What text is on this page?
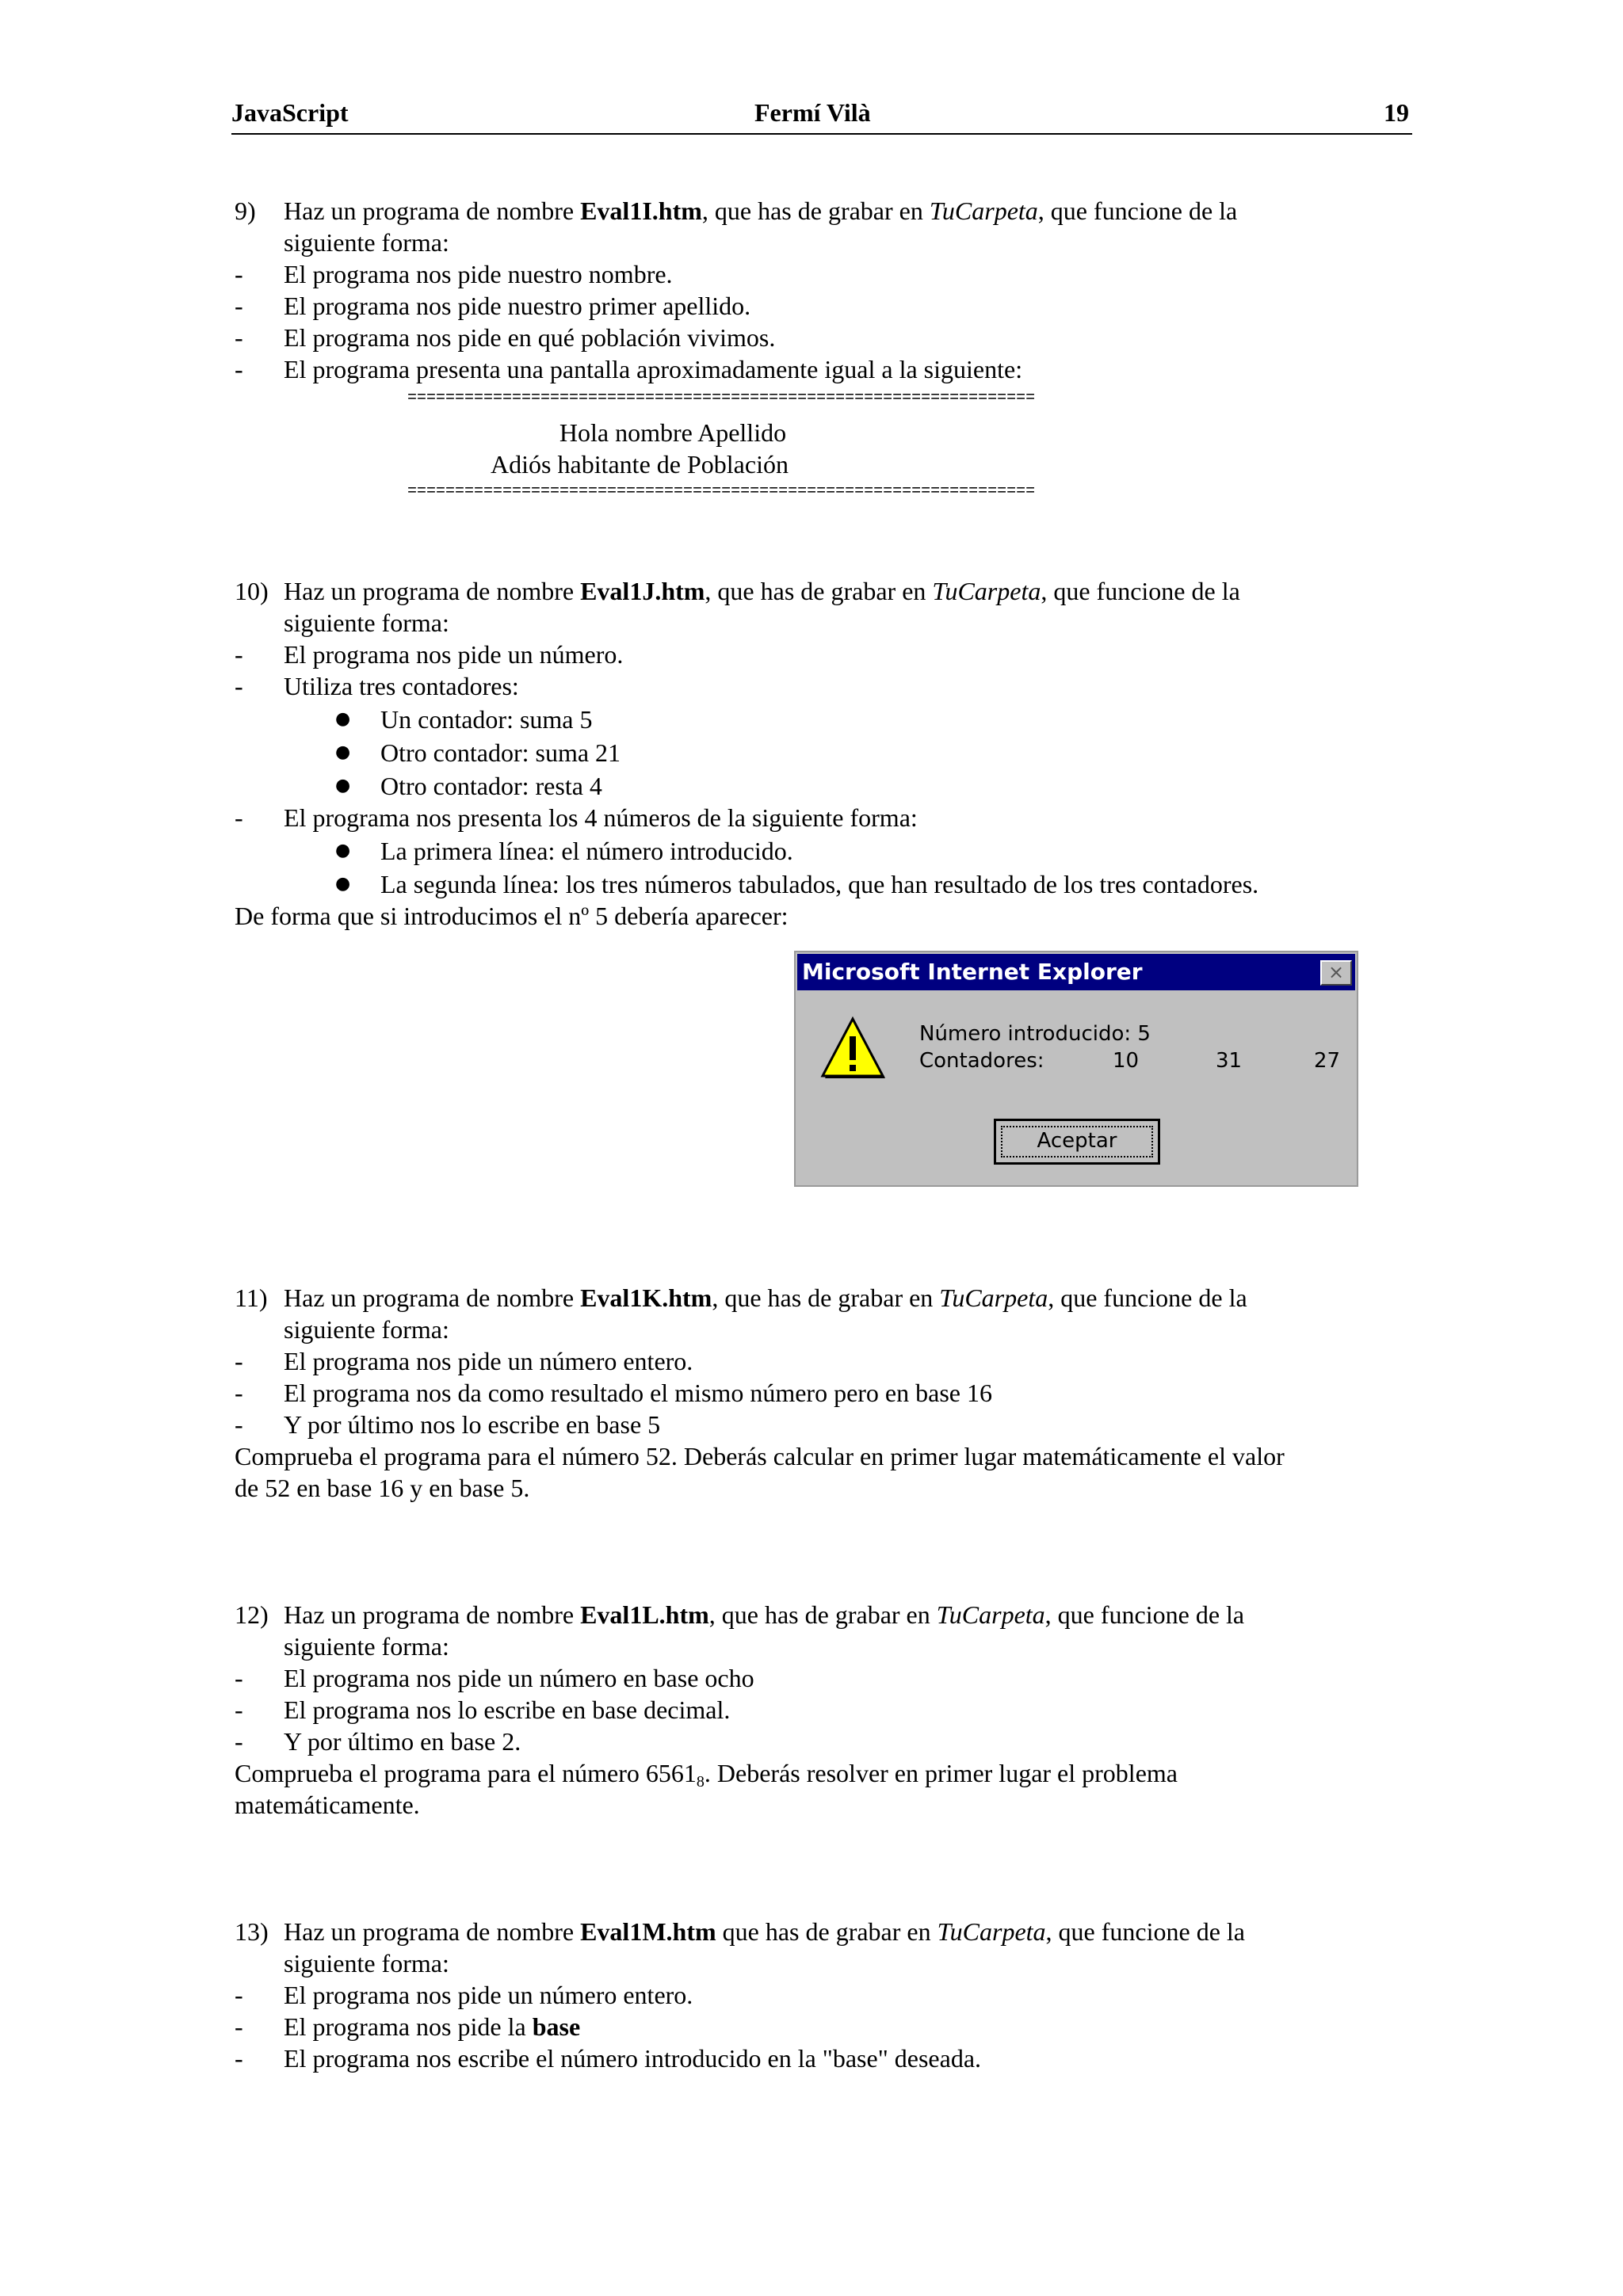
JavaScript	Fermí Vilà	19
9) Haz un programa de nombre Eval1I.htm, que has de grabar en TuCarpeta, que funcione de la
siguiente forma:
- El programa nos pide nuestro nombre.
- El programa nos pide nuestro primer apellido.
- El programa nos pide en qué población vivimos.
- El programa presenta una pantalla aproximadamente igual a la siguiente:
==================================================================
Hola nombre Apellido
Adiós habitante de Población
==================================================================
10) Haz un programa de nombre Eval1J.htm, que has de grabar en TuCarpeta, que funcione de la
siguiente forma:
- El programa nos pide un número.
- Utiliza tres contadores:
● Un contador: suma 5
● Otro contador: suma 21
● Otro contador: resta 4
- El programa nos presenta los 4 números de la siguiente forma:
● La primera línea: el número introducido.
● La segunda línea: los tres números tabulados, que han resultado de los tres contadores.
De forma que si introducimos el nº 5 debería aparecer:
Microsoft Internet Explorer	×
Número introducido: 5
Contadores:	10	31	27
Aceptar
11) Haz un programa de nombre Eval1K.htm, que has de grabar en TuCarpeta, que funcione de la
siguiente forma:
- El programa nos pide un número entero.
- El programa nos da como resultado el mismo número pero en base 16
- Y por último nos lo escribe en base 5
Comprueba el programa para el número 52. Deberás calcular en primer lugar matemáticamente el valor
de 52 en base 16 y en base 5.
12) Haz un programa de nombre Eval1L.htm, que has de grabar en TuCarpeta, que funcione de la
siguiente forma:
- El programa nos pide un número en base ocho
- El programa nos lo escribe en base decimal.
- Y por último en base 2.
Comprueba el programa para el número $6561_8$. Deberás resolver en primer lugar el problema
matemáticamente.
13) Haz un programa de nombre Eval1M.htm que has de grabar en TuCarpeta, que funcione de la
siguiente forma:
- El programa nos pide un número entero.
- El programa nos pide la base
- El programa nos escribe el número introducido en la "base" deseada.
